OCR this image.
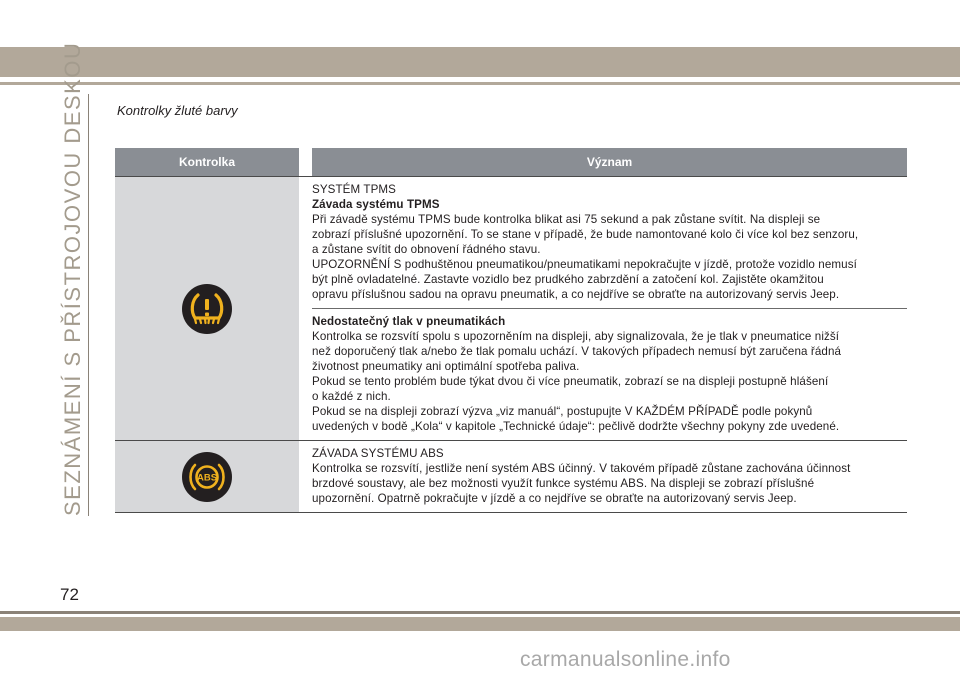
SEZNÁMENÍ S PŘÍSTROJOVOU DESKOU Kontrolky žluté barvy
Kontrolka	Význam

SYSTÉM TPMS

Závada systému TPMS

Při závadě systému TPMS bude kontrolka blikat asi 75 sekund a pak zůstane svítit. Na displeji se

zobrazí příslušné upozornění. To se stane v případě, že bude namontované kolo či více kol bez senzoru,

a zůstane svítit do obnovení řádného stavu.

UPOZORNĚNÍ S podhuštěnou pneumatikou/pneumatikami nepokračujte v jízdě, protože vozidlo nemusí

být plně ovladatelné. Zastavte vozidlo bez prudkého zabrzdění a zatočení kol. Zajistěte okamžitou

opravu příslušnou sadou na opravu pneumatik, a co nejdříve se obraťte na autorizovaný servis Jeep.

Nedostatečný tlak v pneumatikách

Kontrolka se rozsvítí spolu s upozorněním na displeji, aby signalizovala, že je tlak v pneumatice nižší

než doporučený tlak a/nebo že tlak pomalu uchází. V takových případech nemusí být zaručena řádná

životnost pneumatiky ani optimální spotřeba paliva.

Pokud se tento problém bude týkat dvou či více pneumatik, zobrazí se na displeji postupně hlášení

o každé z nich.

Pokud se na displeji zobrazí výzva „viz manuál“, postupujte V KAŽDÉM PŘÍPADĚ podle pokynů

uvedených v bodě „Kola“ v kapitole „Technické údaje“: pečlivě dodržte všechny pokyny zde uvedené.

ABS

ZÁVADA SYSTÉMU ABS

Kontrolka se rozsvítí, jestliže není systém ABS účinný. V takovém případě zůstane zachována účinnost

brzdové soustavy, ale bez možnosti využít funkce systému ABS. Na displeji se zobrazí příslušné

upozornění. Opatrně pokračujte v jízdě a co nejdříve se obraťte na autorizovaný servis Jeep.

72
carmanualsonline.info
